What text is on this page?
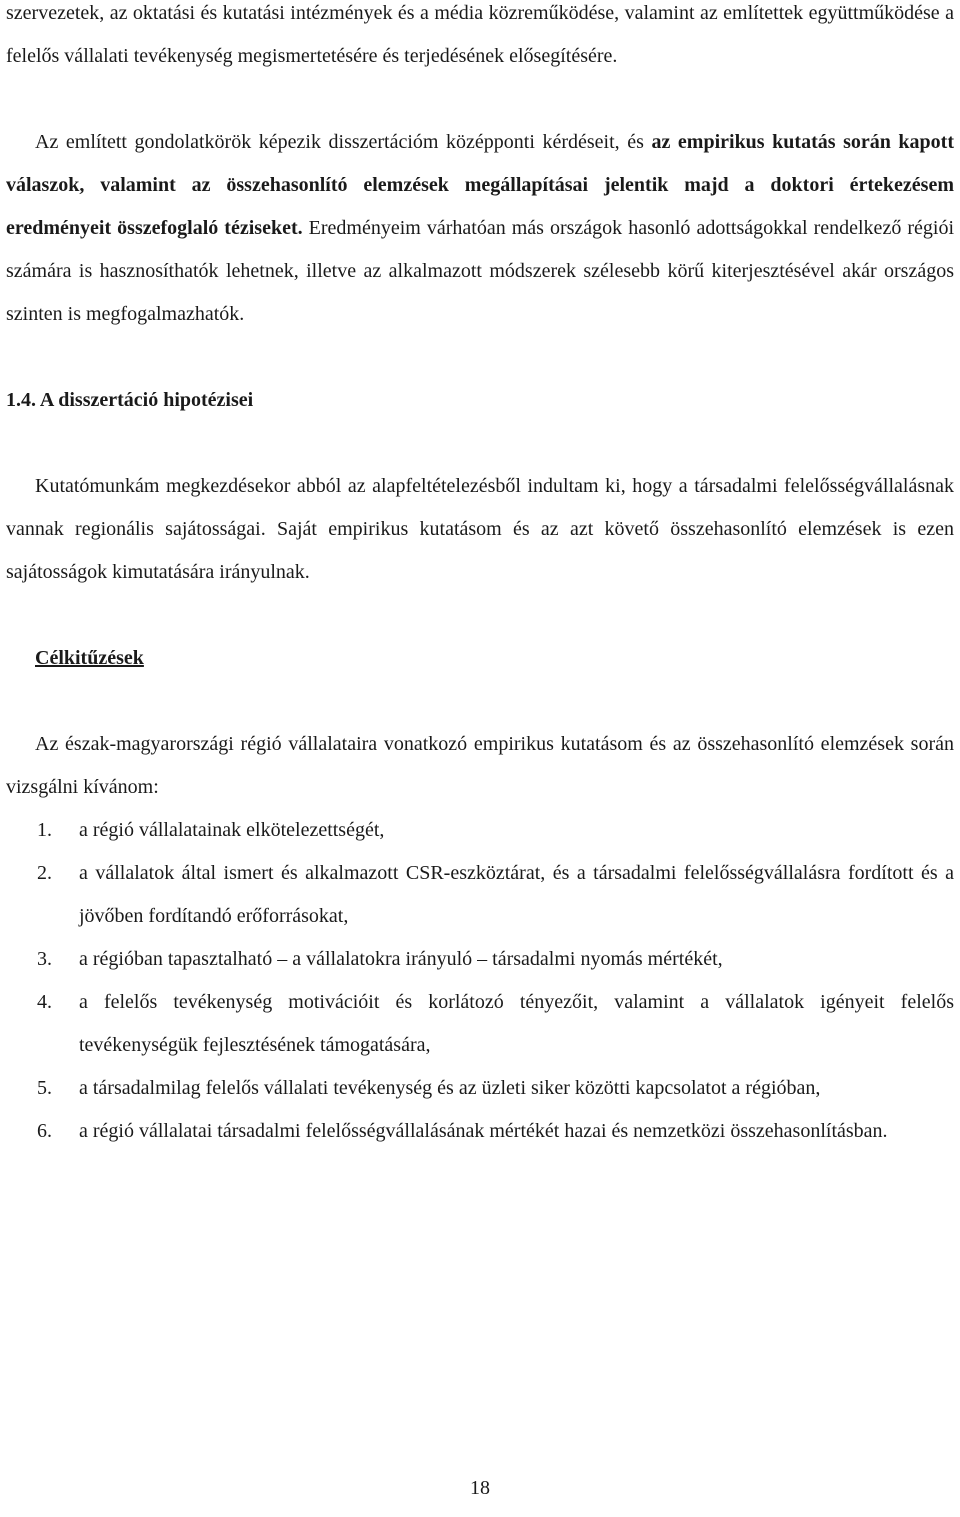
szervezetek, az oktatási és kutatási intézmények és a média közreműködése, valamint az említettek együttműködése a felelős vállalati tevékenység megismertetésére és terjedésének elősegítésére.

Az említett gondolatkörök képezik disszertációm középponti kérdéseit, és az empirikus kutatás során kapott válaszok, valamint az összehasonlító elemzések megállapításai jelentik majd a doktori értekezésem eredményeit összefoglaló téziseket. Eredményeim várhatóan más országok hasonló adottságokkal rendelkező régiói számára is hasznosíthatók lehetnek, illetve az alkalmazott módszerek szélesebb körű kiterjesztésével akár országos szinten is megfogalmazhatók.

1.4. A disszertáció hipotézisei

Kutatómunkám megkezdésekor abból az alapfeltételezésből indultam ki, hogy a társadalmi felelősségvállalásnak vannak regionális sajátosságai. Saját empirikus kutatásom és az azt követő összehasonlító elemzések is ezen sajátosságok kimutatására irányulnak.

Célkitűzések

Az észak-magyarországi régió vállalataira vonatkozó empirikus kutatásom és az összehasonlító elemzések során vizsgálni kívánom:

1. a régió vállalatainak elkötelezettségét,
2. a vállalatok által ismert és alkalmazott CSR-eszköztárat, és a társadalmi felelősségvállalásra fordított és a jövőben fordítandó erőforrásokat,
3. a régióban tapasztalható – a vállalatokra irányuló – társadalmi nyomás mértékét,
4. a felelős tevékenység motivációit és korlátozó tényezőit, valamint a vállalatok igényeit felelős tevékenységük fejlesztésének támogatására,
5. a társadalmilag felelős vállalati tevékenység és az üzleti siker közötti kapcsolatot a régióban,
6. a régió vállalatai társadalmi felelősségvállalásának mértékét hazai és nemzetközi összehasonlításban.
18
